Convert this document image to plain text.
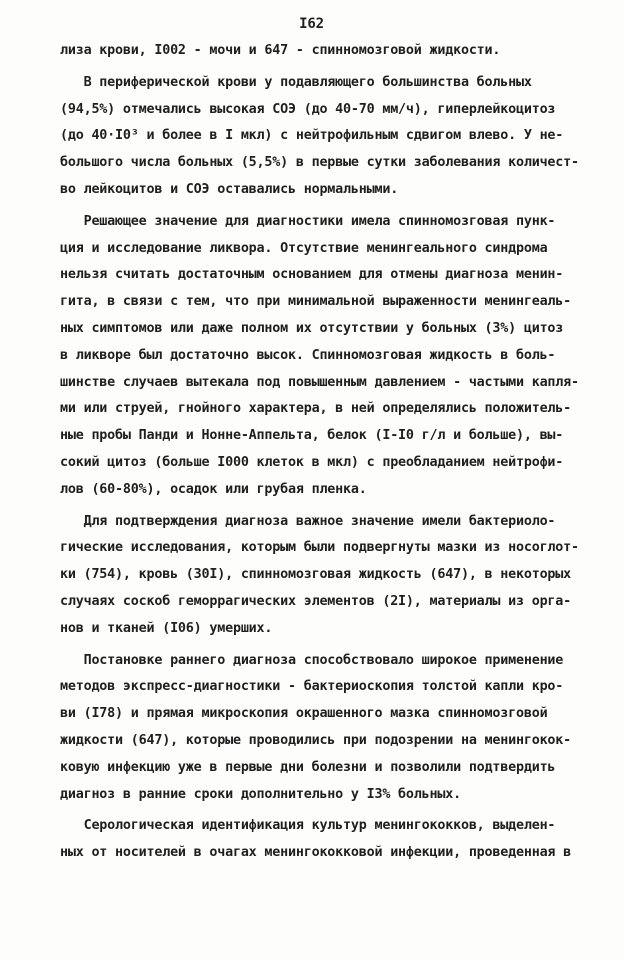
I62
лиза крови, I002 - мочи и 647 - спинномозговой жидкости.
В периферической крови у подавляющего большинства больных
(94,5%) отмечались высокая СОЭ (до 40-70 мм/ч), гиперлейкоцитоз
(до 40·I0³ и более в I мкл) с нейтрофильным сдвигом влево. У не-
большого числа больных (5,5%) в первые сутки заболевания количест-
во лейкоцитов и СОЭ оставались нормальными.
Решающее значение для диагностики имела спинномозговая пунк-
ция и исследование ликвора. Отсутствие менингеального синдрома
нельзя считать достаточным основанием для отмены диагноза менин-
гита, в связи с тем, что при минимальной выраженности менингеаль-
ных симптомов или даже полном их отсутствии у больных (3%) цитоз
в ликворе был достаточно высок. Спинномозговая жидкость в боль-
шинстве случаев вытекала под повышенным давлением - частыми капля-
ми или струей, гнойного характера, в ней определялись положитель-
ные пробы Панди и Нонне-Аппельта, белок (I-I0 г/л и больше), вы-
сокий цитоз (больше I000 клеток в мкл) с преобладанием нейтрофи-
лов (60-80%), осадок или грубая пленка.
Для подтверждения диагноза важное значение имели бактериоло-
гические исследования, которым были подвергнуты мазки из носоглот-
ки (754), кровь (30I), спинномозговая жидкость (647), в некоторых
случаях соскоб геморрагических элементов (2I), материалы из орга-
нов и тканей (I06) умерших.
Постановке раннего диагноза способствовало широкое применение
методов экспресс-диагностики - бактериоскопия толстой капли кро-
ви (I78) и прямая микроскопия окрашенного мазка спинномозговой
жидкости (647), которые проводились при подозрении на менингокок-
ковую инфекцию уже в первые дни болезни и позволили подтвердить
диагноз в ранние сроки дополнительно у I3% больных.
Серологическая идентификация культур менингококков, выделен-
ных от носителей в очагах менингококковой инфекции, проведенная в
